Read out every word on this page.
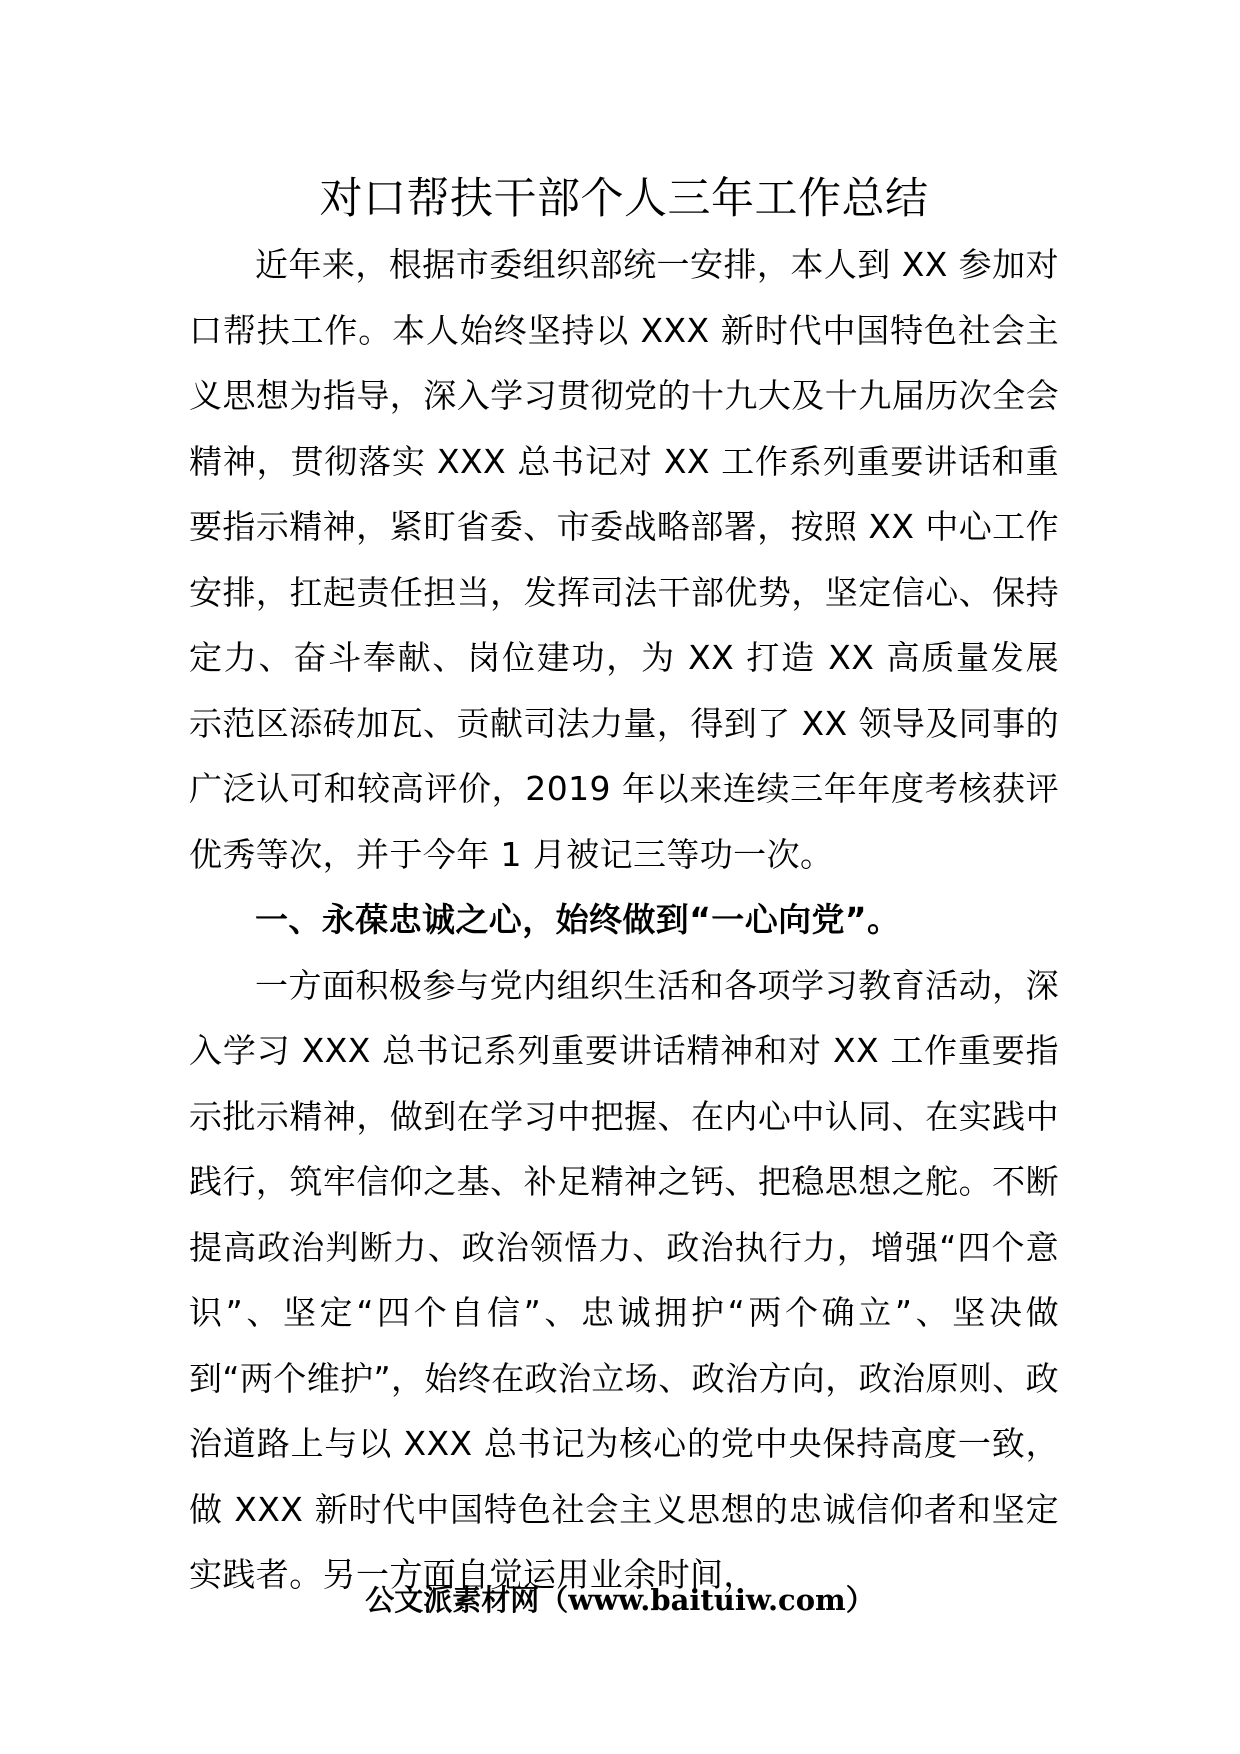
对口帮扶干部个人三年工作总结

近年来，根据市委组织部统一安排，本人到 XX 参加对口帮扶工作。本人始终坚持以 XXX 新时代中国特色社会主义思想为指导，深入学习贯彻党的十九大及十九届历次全会精神，贯彻落实 XXX 总书记对 XX 工作系列重要讲话和重要指示精神，紧盯省委、市委战略部署，按照 XX 中心工作安排，扛起责任担当，发挥司法干部优势，坚定信心、保持定力、奋斗奉献、岗位建功，为 XX 打造 XX 高质量发展示范区添砖加瓦、贡献司法力量，得到了 XX 领导及同事的广泛认可和较高评价，2019 年以来连续三年年度考核获评优秀等次，并于今年 1 月被记三等功一次。

一、永葆忠诚之心，始终做到“一心向党”。

一方面积极参与党内组织生活和各项学习教育活动，深入学习 XXX 总书记系列重要讲话精神和对 XX 工作重要指示批示精神，做到在学习中把握、在内心中认同、在实践中践行，筑牢信仰之基、补足精神之钙、把稳思想之舵。不断提高政治判断力、政治领悟力、政治执行力，增强“四个意识”、坚定“四个自信”、忠诚拥护“两个确立”、坚决做到“两个维护”，始终在政治立场、政治方向，政治原则、政治道路上与以 XXX 总书记为核心的党中央保持高度一致，做 XXX 新时代中国特色社会主义思想的忠诚信仰者和坚定实践者。另一方面自觉运用业余时间，

公文派素材网（www.baituiw.com）
